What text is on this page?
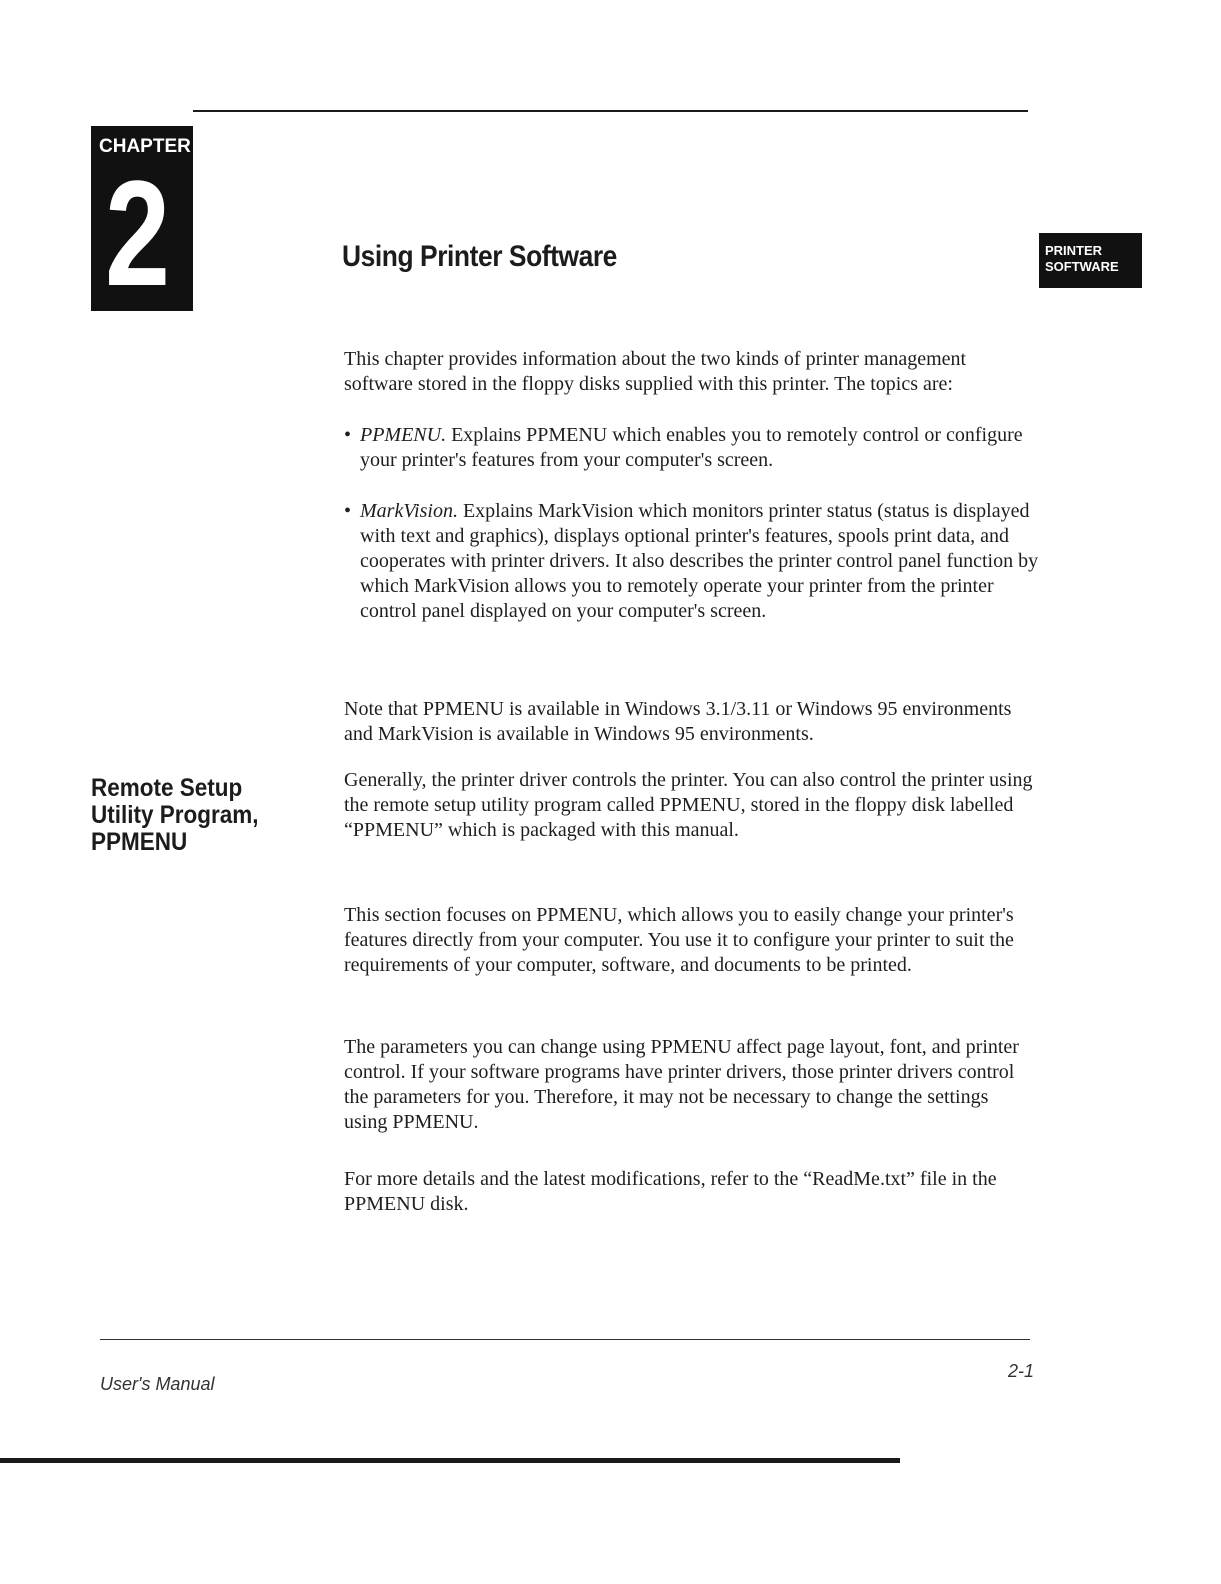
CHAPTER
2	PRINTER
SOFTWARE
Using Printer Software

This chapter provides information about the two kinds of printer management software stored in the floppy disks supplied with this printer. The topics are:

• PPMENU. Explains PPMENU which enables you to remotely control or configure your printer's features from your computer's screen.

• MarkVision. Explains MarkVision which monitors printer status (status is displayed with text and graphics), displays optional printer's features, spools print data, and cooperates with printer drivers. It also describes the printer control panel function by which MarkVision allows you to remotely operate your printer from the printer control panel displayed on your computer's screen.

Note that PPMENU is available in Windows 3.1/3.11 or Windows 95 environments and MarkVision is available in Windows 95 environments.

Remote Setup
Utility Program,
PPMENU

Generally, the printer driver controls the printer. You can also control the printer using the remote setup utility program called PPMENU, stored in the floppy disk labelled “PPMENU” which is packaged with this manual.

This section focuses on PPMENU, which allows you to easily change your printer's features directly from your computer. You use it to configure your printer to suit the requirements of your computer, software, and documents to be printed.

The parameters you can change using PPMENU affect page layout, font, and printer control. If your software programs have printer drivers, those printer drivers control the parameters for you. Therefore, it may not be necessary to change the settings using PPMENU.

For more details and the latest modifications, refer to the “ReadMe.txt” file in the PPMENU disk.

User's Manual
2-1
